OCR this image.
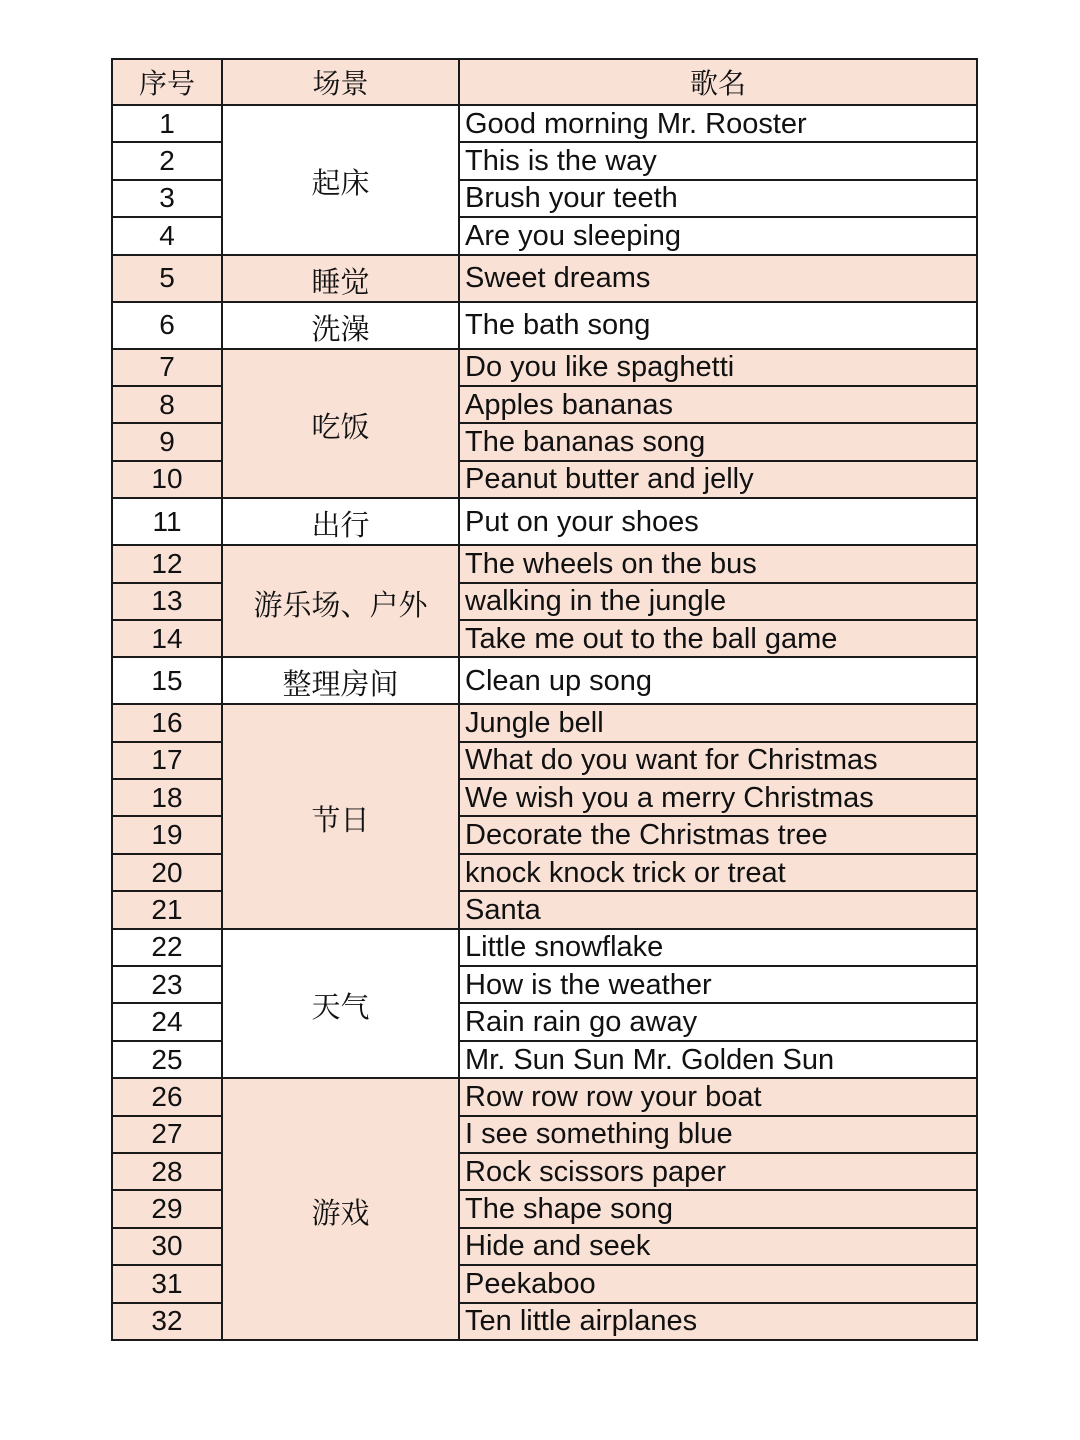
序号	场景	歌名
1	起床	Good morning Mr. Rooster
2		This is the way
3		Brush your teeth
4		Are you sleeping
5	睡觉	Sweet dreams
6	洗澡	The bath song
7	吃饭	Do you like spaghetti
8		Apples bananas
9		The bananas song
10		Peanut butter and jelly
11	出行	Put on your shoes
12	游乐场、户外	The wheels on the bus
13		walking in the jungle
14		Take me out to the ball game
15	整理房间	Clean up song
16	节日	Jungle bell
17		What do you want for Christmas
18		We wish you a merry Christmas
19		Decorate the Christmas tree
20		knock knock trick or treat
21		Santa
22	天气	Little snowflake
23		How is the weather
24		Rain rain go away
25		Mr. Sun Sun Mr. Golden Sun
26	游戏	Row row row your boat
27		I see something blue
28		Rock scissors paper
29		The shape song
30		Hide and seek
31		Peekaboo
32		Ten little airplanes
